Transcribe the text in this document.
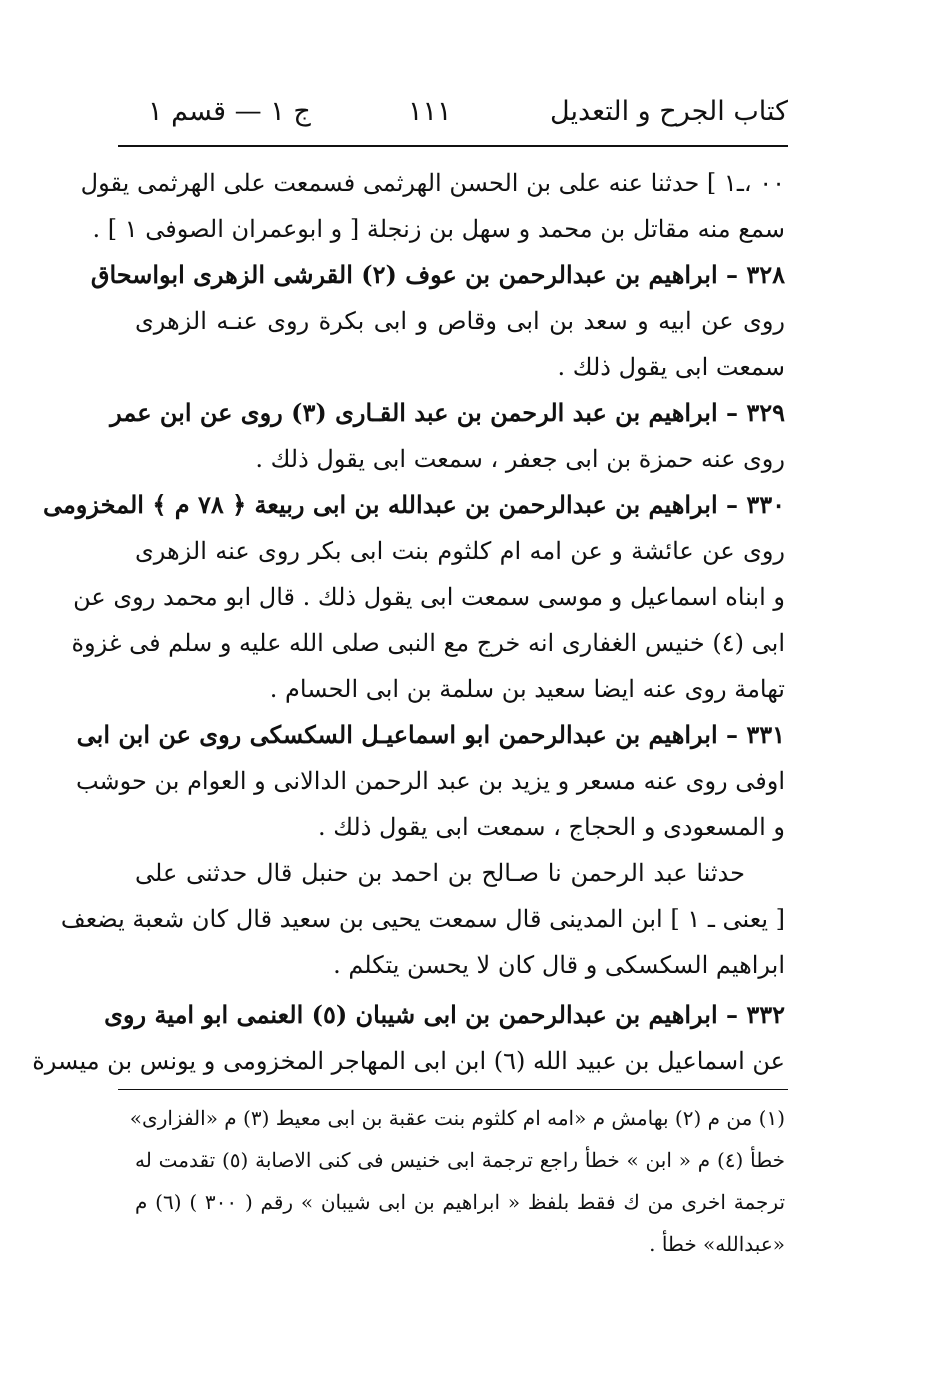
كتاب الجرح و التعديل
١١١
ج ١ — قسم ١
۰۰ ،ـ١ ] حدثنا عنه على بن الحسن الهرثمى فسمعت على الهرثمى يقول
سمع منه مقاتل بن محمد و سهل بن زنجلة [ و ابوعمران الصوفى ١ ] .
٣٢٨ – ابراهيم بن عبدالرحمن بن عوف (٢) القرشى الزهرى ابواسحاق
روى عن ابيه و سعد بن ابى وقاص و ابى بكرة روى عنـه الزهرى
سمعت ابى يقول ذلك .
٣٢٩ – ابراهيم بن عبد الرحمن بن عبد القـارى (٣) روى عن ابن عمر
روى عنه حمزة بن ابى جعفر ، سمعت ابى يقول ذلك .
٣٣٠ – ابراهيم بن عبدالرحمن بن عبدالله بن ابى ربيعة ﴿ ٧٨ م ﴾ المخزومى
روى عن عائشة و عن امه ام كلثوم بنت ابى بكر روى عنه الزهرى
و ابناه اسماعيل و موسى سمعت ابى يقول ذلك . قال ابو محمد روى عن
ابى (٤) خنيس الغفارى انه خرج مع النبى صلى الله عليه و سلم فى غزوة
تهامة روى عنه ايضا سعيد بن سلمة بن ابى الحسام .
٣٣١ – ابراهيم بن عبدالرحمن ابو اسماعيـل السكسكى روى عن ابن ابى
اوفى روى عنه مسعر و يزيد بن عبد الرحمن الدالانى و العوام بن حوشب
و المسعودى و الحجاج ، سمعت ابى يقول ذلك .
حدثنا عبد الرحمن نا صـالح بن احمد بن حنبل قال حدثنى على
[ يعنى ـ ١ ] ابن المدينى قال سمعت يحيى بن سعيد قال كان شعبة يضعف
ابراهيم السكسكى و قال كان لا يحسن يتكلم .
٣٣٢ – ابراهيم بن عبدالرحمن بن ابى شيبان (٥) العنمى ابو امية روى
عن اسماعيل بن عبيد الله (٦) ابن ابى المهاجر المخزومى و يونس بن ميسرة
(١) من م (٢) بهامش م «امه ام كلثوم بنت عقبة بن ابى معيط (٣) م «الفزارى»
خطأ (٤) م « ابن » خطأ راجع ترجمة ابى خنيس فى كنى الاصابة (٥) تقدمت له
ترجمة اخرى من ك فقط بلفظ « ابراهيم بن ابى شيبان » رقم ( ٣٠٠ ) (٦) م
«عبدالله» خطأ .
